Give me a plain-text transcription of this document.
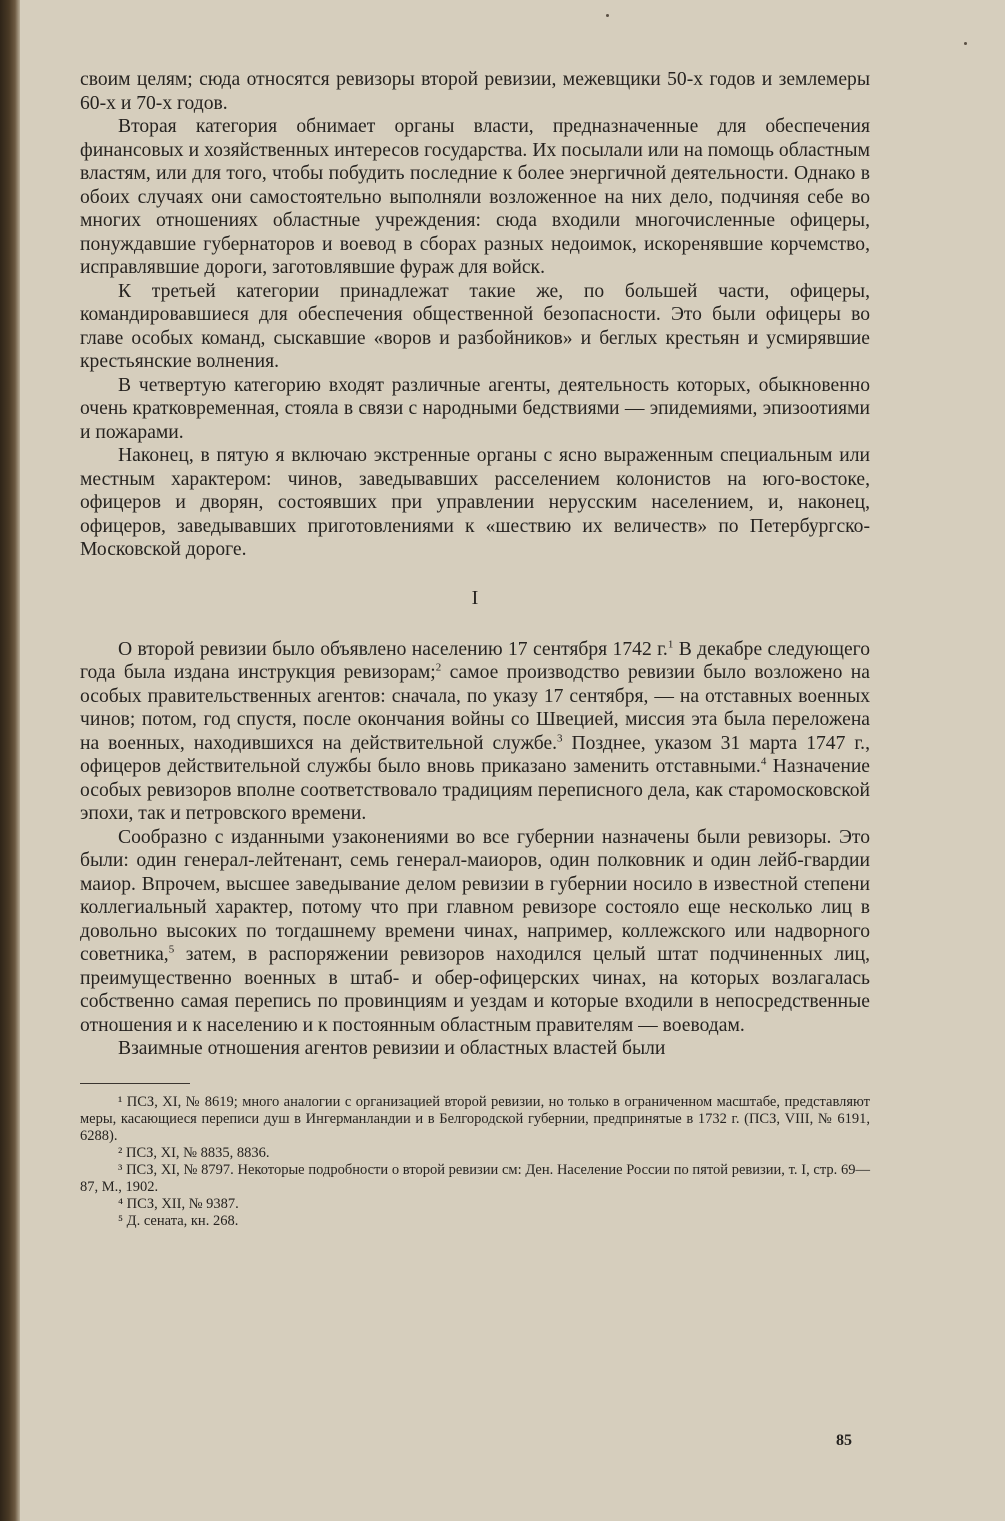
своим целям; сюда относятся ревизоры второй ревизии, межевщики 50-х годов и землемеры 60-х и 70-х годов.

Вторая категория обнимает органы власти, предназначенные для обеспечения финансовых и хозяйственных интересов государства. Их посылали или на помощь областным властям, или для того, чтобы побудить последние к более энергичной деятельности. Однако в обоих случаях они самостоятельно выполняли возложенное на них дело, подчиняя себе во многих отношениях областные учреждения: сюда входили многочисленные офицеры, понуждавшие губернаторов и воевод в сборах разных недоимок, искоренявшие корчемство, исправлявшие дороги, заготовлявшие фураж для войск.

К третьей категории принадлежат такие же, по большей части, офицеры, командировавшиеся для обеспечения общественной безопасности. Это были офицеры во главе особых команд, сыскавшие «воров и разбойников» и беглых крестьян и усмирявшие крестьянские волнения.

В четвертую категорию входят различные агенты, деятельность которых, обыкновенно очень кратковременная, стояла в связи с народными бедствиями — эпидемиями, эпизоотиями и пожарами.

Наконец, в пятую я включаю экстренные органы с ясно выраженным специальным или местным характером: чинов, заведывавших расселением колонистов на юго-востоке, офицеров и дворян, состоявших при управлении нерусским населением, и, наконец, офицеров, заведывавших приготовлениями к «шествию их величеств» по Петербургско-Московской дороге.

I

О второй ревизии было объявлено населению 17 сентября 1742 г.$^1$ В декабре следующего года была издана инструкция ревизорам;$^2$ самое производство ревизии было возложено на особых правительственных агентов: сначала, по указу 17 сентября, — на отставных военных чинов; потом, год спустя, после окончания войны со Швецией, миссия эта была переложена на военных, находившихся на действительной службе.$^3$ Позднее, указом 31 марта 1747 г., офицеров действительной службы было вновь приказано заменить отставными.$^4$ Назначение особых ревизоров вполне соответствовало традициям переписного дела, как старомосковской эпохи, так и петровского времени.

Сообразно с изданными узаконениями во все губернии назначены были ревизоры. Это были: один генерал-лейтенант, семь генерал-маиоров, один полковник и один лейб-гвардии маиор. Впрочем, высшее заведывание делом ревизии в губернии носило в известной степени коллегиальный характер, потому что при главном ревизоре состояло еще несколько лиц в довольно высоких по тогдашнему времени чинах, например, коллежского или надворного советника,$^5$ затем, в распоряжении ревизоров находился целый штат подчиненных лиц, преимущественно военных в штаб- и обер-офицерских чинах, на которых возлагалась собственно самая перепись по провинциям и уездам и которые входили в непосредственные отношения и к населению и к постоянным областным правителям — воеводам.

Взаимные отношения агентов ревизии и областных властей были

¹ ПСЗ, XI, № 8619; много аналогии с организацией второй ревизии, но только в ограниченном масштабе, представляют меры, касающиеся переписи душ в Ингерманландии и в Белгородской губернии, предпринятые в 1732 г. (ПСЗ, VIII, № 6191, 6288).

² ПСЗ, XI, № 8835, 8836.

³ ПСЗ, XI, № 8797. Некоторые подробности о второй ревизии см: Ден. Население России по пятой ревизии, т. I, стр. 69—87, М., 1902.

⁴ ПСЗ, XII, № 9387.

⁵ Д. сената, кн. 268.

85
